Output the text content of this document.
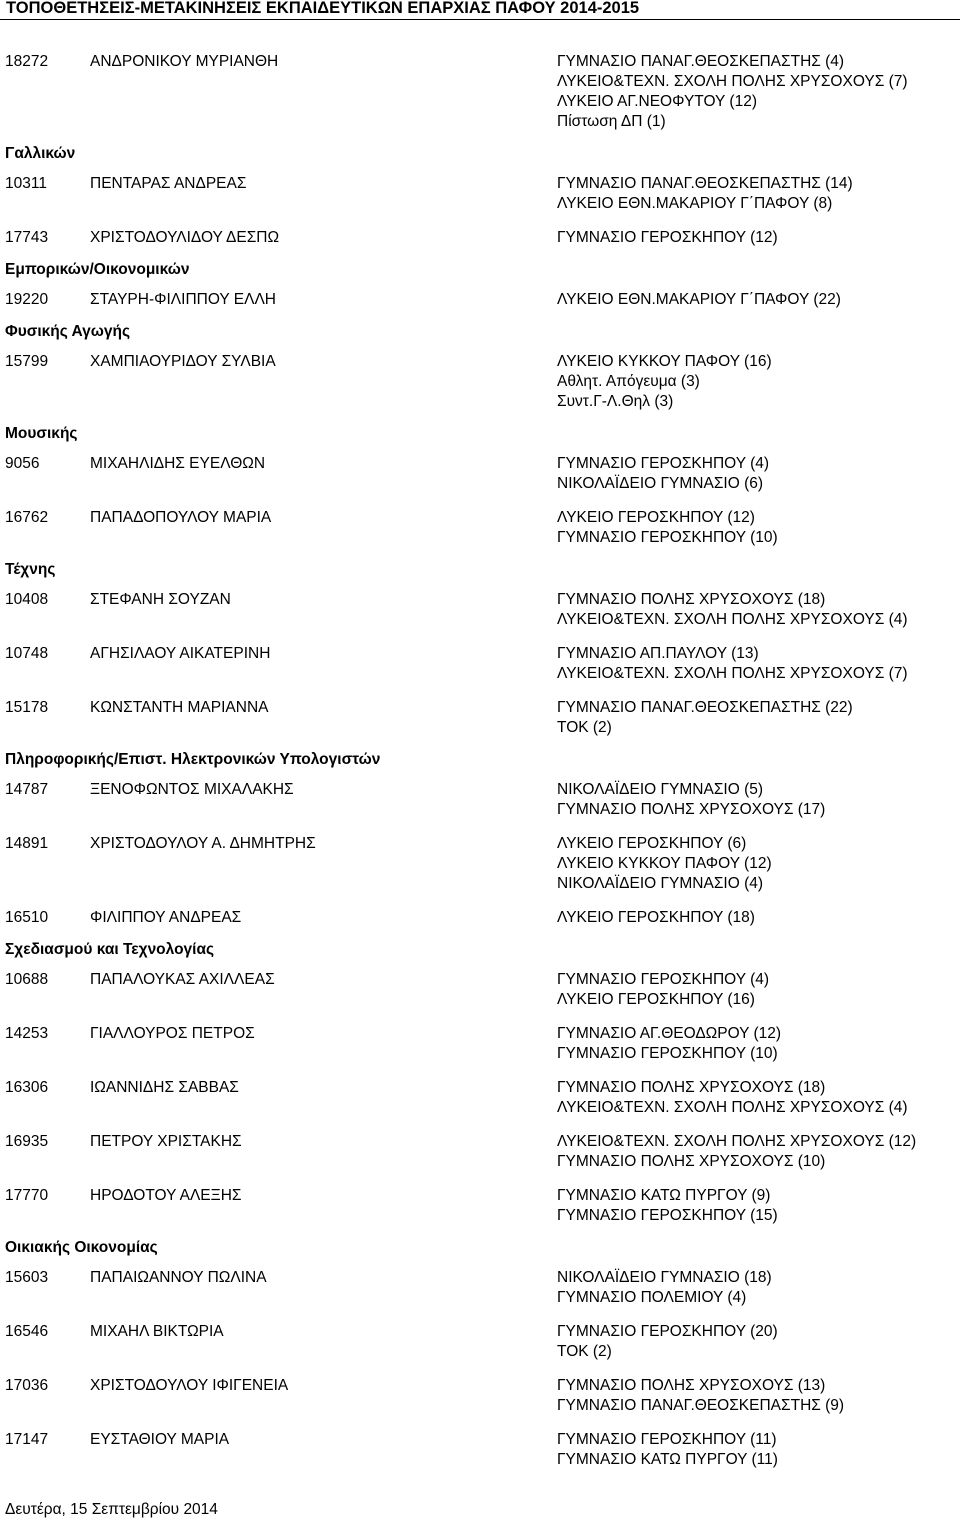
ΤΟΠΟΘΕΤΗΣΕΙΣ-ΜΕΤΑΚΙΝΗΣΕΙΣ ΕΚΠΑΙΔΕΥΤΙΚΩΝ ΕΠΑΡΧΙΑΣ ΠΑΦΟΥ 2014-2015
18272	ΑΝΔΡΟΝΙΚΟΥ ΜΥΡΙΑΝΘΗ	ΓΥΜΝΑΣΙΟ ΠΑΝΑΓ.ΘΕΟΣΚΕΠΑΣΤΗΣ (4)
ΛΥΚΕΙΟ&ΤΕΧΝ. ΣΧΟΛΗ ΠΟΛΗΣ ΧΡΥΣΟΧΟΥΣ (7)
ΛΥΚΕΙΟ ΑΓ.ΝΕΟΦΥΤΟΥ (12)
Πίστωση ΔΠ (1)
Γαλλικών
10311	ΠΕΝΤΑΡΑΣ ΑΝΔΡΕΑΣ	ΓΥΜΝΑΣΙΟ ΠΑΝΑΓ.ΘΕΟΣΚΕΠΑΣΤΗΣ (14)
ΛΥΚΕΙΟ ΕΘΝ.ΜΑΚΑΡΙΟΥ Γ΄ΠΑΦΟΥ (8)
17743	ΧΡΙΣΤΟΔΟΥΛΙΔΟΥ ΔΕΣΠΩ	ΓΥΜΝΑΣΙΟ ΓΕΡΟΣΚΗΠΟΥ (12)
Εμπορικών/Οικονομικών
19220	ΣΤΑΥΡΗ-ΦΙΛΙΠΠΟΥ ΕΛΛΗ	ΛΥΚΕΙΟ ΕΘΝ.ΜΑΚΑΡΙΟΥ Γ΄ΠΑΦΟΥ (22)
Φυσικής Αγωγής
15799	ΧΑΜΠΙΑΟΥΡΙΔΟΥ ΣΥΛΒΙΑ	ΛΥΚΕΙΟ ΚΥΚΚΟΥ ΠΑΦΟΥ (16)
Αθλητ. Απόγευμα (3)
Συντ.Γ-Λ.Θηλ (3)
Μουσικής
9056	ΜΙΧΑΗΛΙΔΗΣ ΕΥΕΛΘΩΝ	ΓΥΜΝΑΣΙΟ ΓΕΡΟΣΚΗΠΟΥ (4)
ΝΙΚΟΛΑΪΔΕΙΟ ΓΥΜΝΑΣΙΟ (6)
16762	ΠΑΠΑΔΟΠΟΥΛΟΥ ΜΑΡΙΑ	ΛΥΚΕΙΟ ΓΕΡΟΣΚΗΠΟΥ (12)
ΓΥΜΝΑΣΙΟ ΓΕΡΟΣΚΗΠΟΥ (10)
Τέχνης
10408	ΣΤΕΦΑΝΗ ΣΟΥΖΑΝ	ΓΥΜΝΑΣΙΟ ΠΟΛΗΣ ΧΡΥΣΟΧΟΥΣ (18)
ΛΥΚΕΙΟ&ΤΕΧΝ. ΣΧΟΛΗ ΠΟΛΗΣ ΧΡΥΣΟΧΟΥΣ (4)
10748	ΑΓΗΣΙΛΑΟΥ ΑΙΚΑΤΕΡΙΝΗ	ΓΥΜΝΑΣΙΟ ΑΠ.ΠΑΥΛΟΥ (13)
ΛΥΚΕΙΟ&ΤΕΧΝ. ΣΧΟΛΗ ΠΟΛΗΣ ΧΡΥΣΟΧΟΥΣ (7)
15178	ΚΩΝΣΤΑΝΤΗ ΜΑΡΙΑΝΝΑ	ΓΥΜΝΑΣΙΟ ΠΑΝΑΓ.ΘΕΟΣΚΕΠΑΣΤΗΣ (22)
ΤΟΚ (2)
Πληροφορικής/Επιστ. Ηλεκτρονικών Υπολογιστών
14787	ΞΕΝΟΦΩΝΤΟΣ ΜΙΧΑΛΑΚΗΣ	ΝΙΚΟΛΑΪΔΕΙΟ ΓΥΜΝΑΣΙΟ (5)
ΓΥΜΝΑΣΙΟ ΠΟΛΗΣ ΧΡΥΣΟΧΟΥΣ (17)
14891	ΧΡΙΣΤΟΔΟΥΛΟΥ Α. ΔΗΜΗΤΡΗΣ	ΛΥΚΕΙΟ ΓΕΡΟΣΚΗΠΟΥ (6)
ΛΥΚΕΙΟ ΚΥΚΚΟΥ ΠΑΦΟΥ (12)
ΝΙΚΟΛΑΪΔΕΙΟ ΓΥΜΝΑΣΙΟ (4)
16510	ΦΙΛΙΠΠΟΥ ΑΝΔΡΕΑΣ	ΛΥΚΕΙΟ ΓΕΡΟΣΚΗΠΟΥ (18)
Σχεδιασμού και Τεχνολογίας
10688	ΠΑΠΑΛΟΥΚΑΣ ΑΧΙΛΛΕΑΣ	ΓΥΜΝΑΣΙΟ ΓΕΡΟΣΚΗΠΟΥ (4)
ΛΥΚΕΙΟ ΓΕΡΟΣΚΗΠΟΥ (16)
14253	ΓΙΑΛΛΟΥΡΟΣ ΠΕΤΡΟΣ	ΓΥΜΝΑΣΙΟ ΑΓ.ΘΕΟΔΩΡΟΥ (12)
ΓΥΜΝΑΣΙΟ ΓΕΡΟΣΚΗΠΟΥ (10)
16306	ΙΩΑΝΝΙΔΗΣ ΣΑΒΒΑΣ	ΓΥΜΝΑΣΙΟ ΠΟΛΗΣ ΧΡΥΣΟΧΟΥΣ (18)
ΛΥΚΕΙΟ&ΤΕΧΝ. ΣΧΟΛΗ ΠΟΛΗΣ ΧΡΥΣΟΧΟΥΣ (4)
16935	ΠΕΤΡΟΥ ΧΡΙΣΤΑΚΗΣ	ΛΥΚΕΙΟ&ΤΕΧΝ. ΣΧΟΛΗ ΠΟΛΗΣ ΧΡΥΣΟΧΟΥΣ (12)
ΓΥΜΝΑΣΙΟ ΠΟΛΗΣ ΧΡΥΣΟΧΟΥΣ (10)
17770	ΗΡΟΔΟΤΟΥ ΑΛΕΞΗΣ	ΓΥΜΝΑΣΙΟ ΚΑΤΩ ΠΥΡΓΟΥ (9)
ΓΥΜΝΑΣΙΟ ΓΕΡΟΣΚΗΠΟΥ (15)
Οικιακής Οικονομίας
15603	ΠΑΠΑΙΩΑΝΝΟΥ ΠΩΛΙΝΑ	ΝΙΚΟΛΑΪΔΕΙΟ ΓΥΜΝΑΣΙΟ (18)
ΓΥΜΝΑΣΙΟ ΠΟΛΕΜΙΟΥ (4)
16546	ΜΙΧΑΗΛ ΒΙΚΤΩΡΙΑ	ΓΥΜΝΑΣΙΟ ΓΕΡΟΣΚΗΠΟΥ (20)
ΤΟΚ (2)
17036	ΧΡΙΣΤΟΔΟΥΛΟΥ ΙΦΙΓΕΝΕΙΑ	ΓΥΜΝΑΣΙΟ ΠΟΛΗΣ ΧΡΥΣΟΧΟΥΣ (13)
ΓΥΜΝΑΣΙΟ ΠΑΝΑΓ.ΘΕΟΣΚΕΠΑΣΤΗΣ (9)
17147	ΕΥΣΤΑΘΙΟΥ ΜΑΡΙΑ	ΓΥΜΝΑΣΙΟ ΓΕΡΟΣΚΗΠΟΥ (11)
ΓΥΜΝΑΣΙΟ ΚΑΤΩ ΠΥΡΓΟΥ (11)
Δευτέρα, 15 Σεπτεμβρίου 2014
